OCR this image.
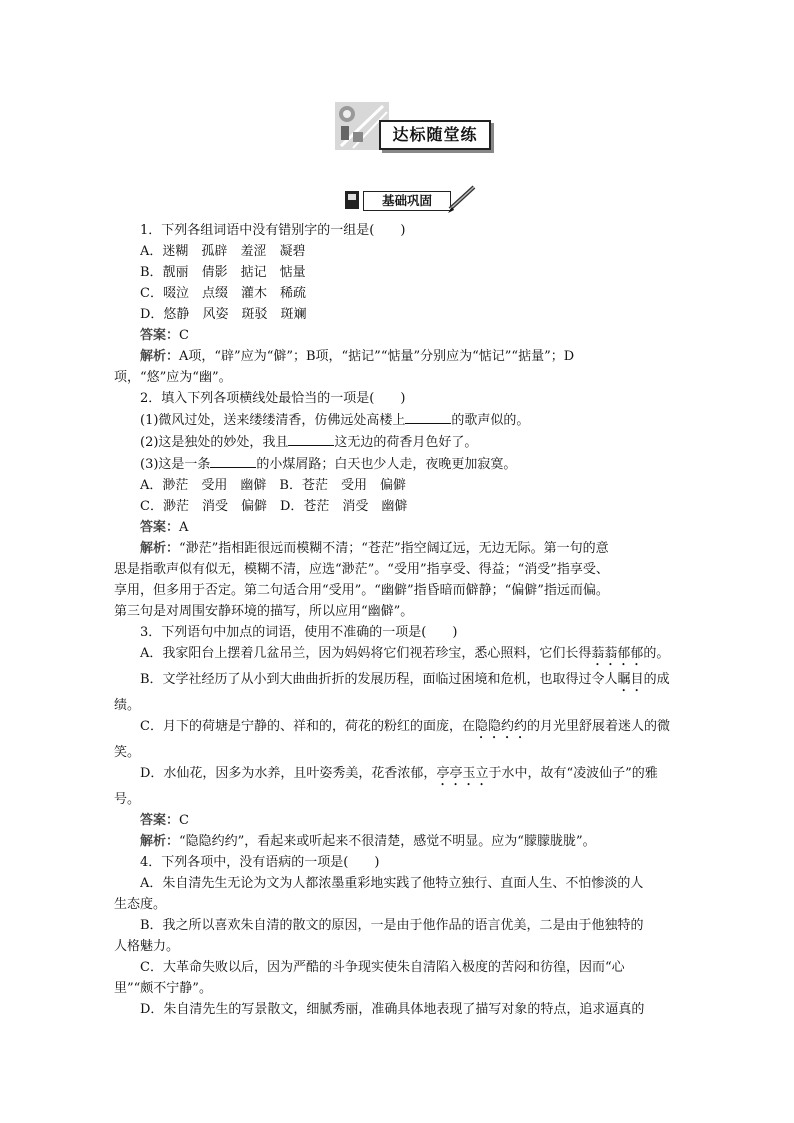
达标随堂练
基础巩固

1．下列各组词语中没有错别字的一组是(　　)

A．迷糊　 孤辟　 羞涩　 凝碧
B．靓丽　 倩影　 掂记　 惦量
C．啜泣　 点缀　 灌木　 稀疏
D．悠静　 风姿　 斑驳　 斑斓

答案：C

解析：A项，“辟”应为“僻”；B项，“掂记”“惦量”分别应为“惦记”“掂量”；D

项，“悠”应为“幽”。

2．填入下列各项横线处最恰当的一项是(　　)

(1)微风过处，送来缕缕清香，仿佛远处高楼上	的歌声似的。

(2)这是独处的妙处，我且	这无边的荷香月色好了。

(3)这是一条	的小煤屑路；白天也少人走，夜晚更加寂寞。

A．渺茫　受用　幽僻　B．苍茫　受用　偏僻

C．渺茫　消受　偏僻　D．苍茫　消受　幽僻

答案：A

解析：“渺茫”指相距很远而模糊不清；“苍茫”指空阔辽远，无边无际。第一句的意

思是指歌声似有似无，模糊不清，应选“渺茫”。“受用”指享受、得益；“消受”指享受、

享用，但多用于否定。第二句适合用“受用”。“幽僻”指昏暗而僻静；“偏僻”指远而偏。

第三句是对周围安静环境的描写，所以应用“幽僻”。

3．下列语句中加点的词语，使用不准确的一项是(　　)

A．我家阳台上摆着几盆吊兰，因为妈妈将它们视若珍宝，悉心照料，它们长得蓊蓊郁郁的。

B．文学社经历了从小到大曲曲折折的发展历程，面临过困境和危机，也取得过令人瞩目的成绩。

C．月下的荷塘是宁静的、祥和的，荷花的粉红的面庞，在隐隐约约的月光里舒展着迷人的微笑。

D．水仙花，因多为水养，且叶姿秀美，花香浓郁，亭亭玉立于水中，故有“凌波仙子”的雅号。

答案：C

解析：“隐隐约约”，看起来或听起来不很清楚，感觉不明显。应为“朦朦胧胧”。

4．下列各项中，没有语病的一项是(　　)

A．朱自清先生无论为文为人都浓墨重彩地实践了他特立独行、直面人生、不怕惨淡的人

生态度。

B．我之所以喜欢朱自清的散文的原因，一是由于他作品的语言优美，二是由于他独特的

人格魅力。

C．大革命失败以后，因为严酷的斗争现实使朱自清陷入极度的苦闷和彷徨，因而“心

里”“颇不宁静”。

D．朱自清先生的写景散文，细腻秀丽，准确具体地表现了描写对象的特点，追求逼真的
